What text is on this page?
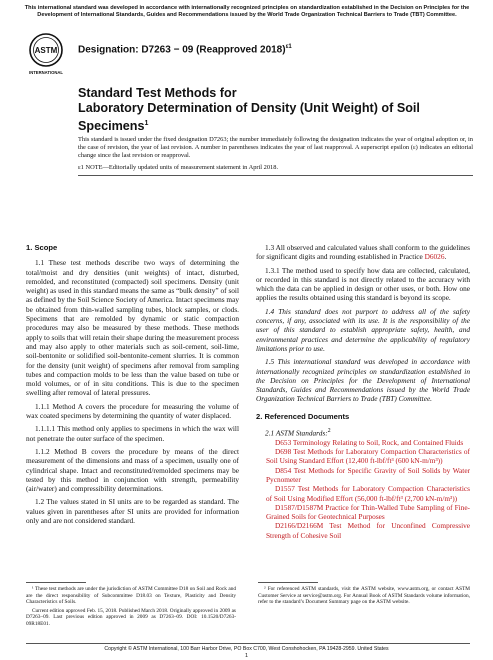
This international standard was developed in accordance with internationally recognized principles on standardization established in the Decision on Principles for the Development of International Standards, Guides and Recommendations issued by the World Trade Organization Technical Barriers to Trade (TBT) Committee.
ASTM
INTERNATIONAL
Designation: D7263 − 09 (Reapproved 2018)$^{\varepsilon 1}$
Standard Test Methods for
Laboratory Determination of Density (Unit Weight) of Soil
Specimens$^1$
This standard is issued under the fixed designation D7263; the number immediately following the designation indicates the year of original adoption or, in the case of revision, the year of last revision. A number in parentheses indicates the year of last reapproval. A superscript epsilon (ε) indicates an editorial change since the last revision or reapproval.
ε1 NOTE—Editorially updated units of measurement statement in April 2018.
1. Scope

1.1 These test methods describe two ways of determining the total/moist and dry densities (unit weights) of intact, disturbed, remolded, and reconstituted (compacted) soil specimens. Density (unit weight) as used in this standard means the same as “bulk density” of soil as defined by the Soil Science Society of America. Intact specimens may be obtained from thin-walled sampling tubes, block samples, or clods. Specimens that are remolded by dynamic or static compaction procedures may also be measured by these methods. These methods apply to soils that will retain their shape during the measurement process and may also apply to other materials such as soil-cement, soil-lime, soil-bentonite or solidified soil-bentonite-cement slurries. It is common for the density (unit weight) of specimens after removal from sampling tubes and compaction molds to be less than the value based on tube or mold volumes, or of in situ conditions. This is due to the specimen swelling after removal of lateral pressures.

1.1.1 Method A covers the procedure for measuring the volume of wax coated specimens by determining the quantity of water displaced.

1.1.1.1 This method only applies to specimens in which the wax will not penetrate the outer surface of the specimen.

1.1.2 Method B covers the procedure by means of the direct measurement of the dimensions and mass of a specimen, usually one of cylindrical shape. Intact and reconstituted/remolded specimens may be tested by this method in conjunction with strength, permeability (air/water) and compressibility determinations.

1.2 The values stated in SI units are to be regarded as standard. The values given in parentheses after SI units are provided for information only and are not considered standard.

1.3 All observed and calculated values shall conform to the guidelines for significant digits and rounding established in Practice D6026.

1.3.1 The method used to specify how data are collected, calculated, or recorded in this standard is not directly related to the accuracy with which the data can be applied in design or other uses, or both. How one applies the results obtained using this standard is beyond its scope.

1.4 This standard does not purport to address all of the safety concerns, if any, associated with its use. It is the responsibility of the user of this standard to establish appropriate safety, health, and environmental practices and determine the applicability of regulatory limitations prior to use.

1.5 This international standard was developed in accordance with internationally recognized principles on standardization established in the Decision on Principles for the Development of International Standards, Guides and Recommendations issued by the World Trade Organization Technical Barriers to Trade (TBT) Committee.

2. Referenced Documents

2.1 ASTM Standards:$^2$

D653 Terminology Relating to Soil, Rock, and Contained Fluids

D698 Test Methods for Laboratory Compaction Characteristics of Soil Using Standard Effort (12,400 ft-lbf/ft³ (600 kN-m/m³))

D854 Test Methods for Specific Gravity of Soil Solids by Water Pycnometer

D1557 Test Methods for Laboratory Compaction Characteristics of Soil Using Modified Effort (56,000 ft-lbf/ft³ (2,700 kN-m/m³))

D1587/D1587M Practice for Thin-Walled Tube Sampling of Fine-Grained Soils for Geotechnical Purposes

D2166/D2166M Test Method for Unconfined Compressive Strength of Cohesive Soil

¹ These test methods are under the jurisdiction of ASTM Committee D18 on Soil and Rock and are the direct responsibility of Subcommittee D18.03 on Texture, Plasticity and Density Characteristics of Soils.

Current edition approved Feb. 15, 2018. Published March 2018. Originally approved in 2009 as D7263–09. Last previous edition approved in 2009 as D7263–09. DOI: 10.1520/D7263-09R18E01.

² For referenced ASTM standards, visit the ASTM website, www.astm.org, or contact ASTM Customer Service at service@astm.org. For Annual Book of ASTM Standards volume information, refer to the standard’s Document Summary page on the ASTM website.

Copyright © ASTM International, 100 Barr Harbor Drive, PO Box C700, West Conshohocken, PA 19428-2959. United States
1
